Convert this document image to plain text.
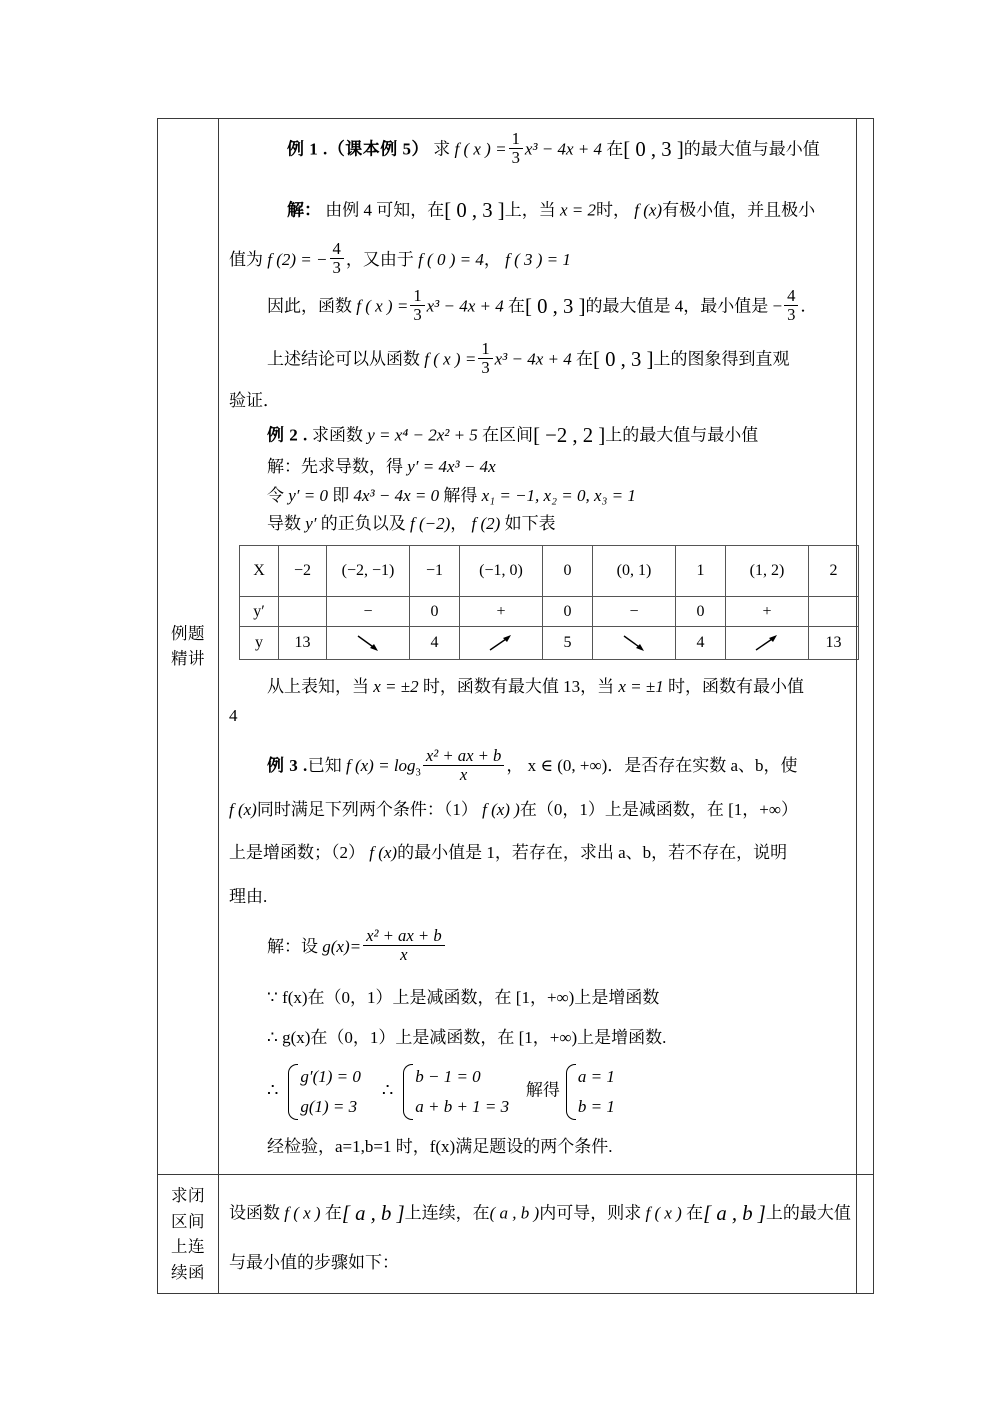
例题
精讲

例 1 .（课本例 5） 求 f ( x ) = $\frac{1}{3} x^3 - 4x + 4$ 在[ 0 , 3 ]的最大值与最小值
解： 由例 4 可知，在[ 0 , 3 ]上，当 x = 2时， f (x)有极小值，并且极小
值为 f (2) = − $\frac{4}{3}$ ，又由于 f ( 0 ) = 4， f ( 3 ) = 1
因此，函数 f ( x ) = $\frac{1}{3} x^3 - 4x + 4$ 在[ 0 , 3 ]的最大值是 4，最小值是 − $\frac{4}{3}$ ．
上述结论可以从函数 f ( x ) = $\frac{1}{3} x^3 - 4x + 4$ 在[ 0 , 3 ]上的图象得到直观
验证．
例 2 . 求函数 y = x⁴ − 2x² + 5 在区间[ −2 , 2 ]上的最大值与最小值
解：先求导数，得 y′ = 4x³ − 4x
令 y′ = 0 即 4x³ − 4x = 0 解得 x₁ = −1, x₂ = 0, x₃ = 1
导数 y′ 的正负以及 f (−2)， f (2) 如下表
X	−2	(−2, −1)	−1	(−1, 0)	0	(0, 1)	1	(1, 2)	2
y′		−	0	+	0	−	0	+	
y	13		4		5		4		13
从上表知，当 x = ±2 时，函数有最大值 13，当 x = ±1 时，函数有最小值
4
例 3 .已知 f $(x) = \log_3 \frac{\text{x² + ax + b}}{x}$ ， x ∈ (0, +∞)．是否存在实数 a、b，使
f (x)同时满足下列两个条件：（1） f (x) )在（0，1）上是减函数，在 [1，+∞）
上是增函数；（2） f (x)的最小值是 1，若存在，求出 a、b，若不存在，说明
理由.
解：设 $g(x)= \frac{\text{x² + ax + b}}{x}$
∵ f(x)在（0，1）上是减函数，在 [1，+∞)上是增函数
∴ g(x)在（0，1）上是减函数，在 [1，+∞)上是增函数.
∴
g′(1) = 0
g(1) = 3
∴
b − 1 = 0
a + b + 1 = 3
解得
a = 1
b = 1
经检验，a=1,b=1 时，f(x)满足题设的两个条件.

求闭
区间
上连
续函

设函数 f ( x ) 在[ a , b ]上连续，在( a , b )内可导，则求 f ( x ) 在[ a , b ]上的最大值
与最小值的步骤如下：
